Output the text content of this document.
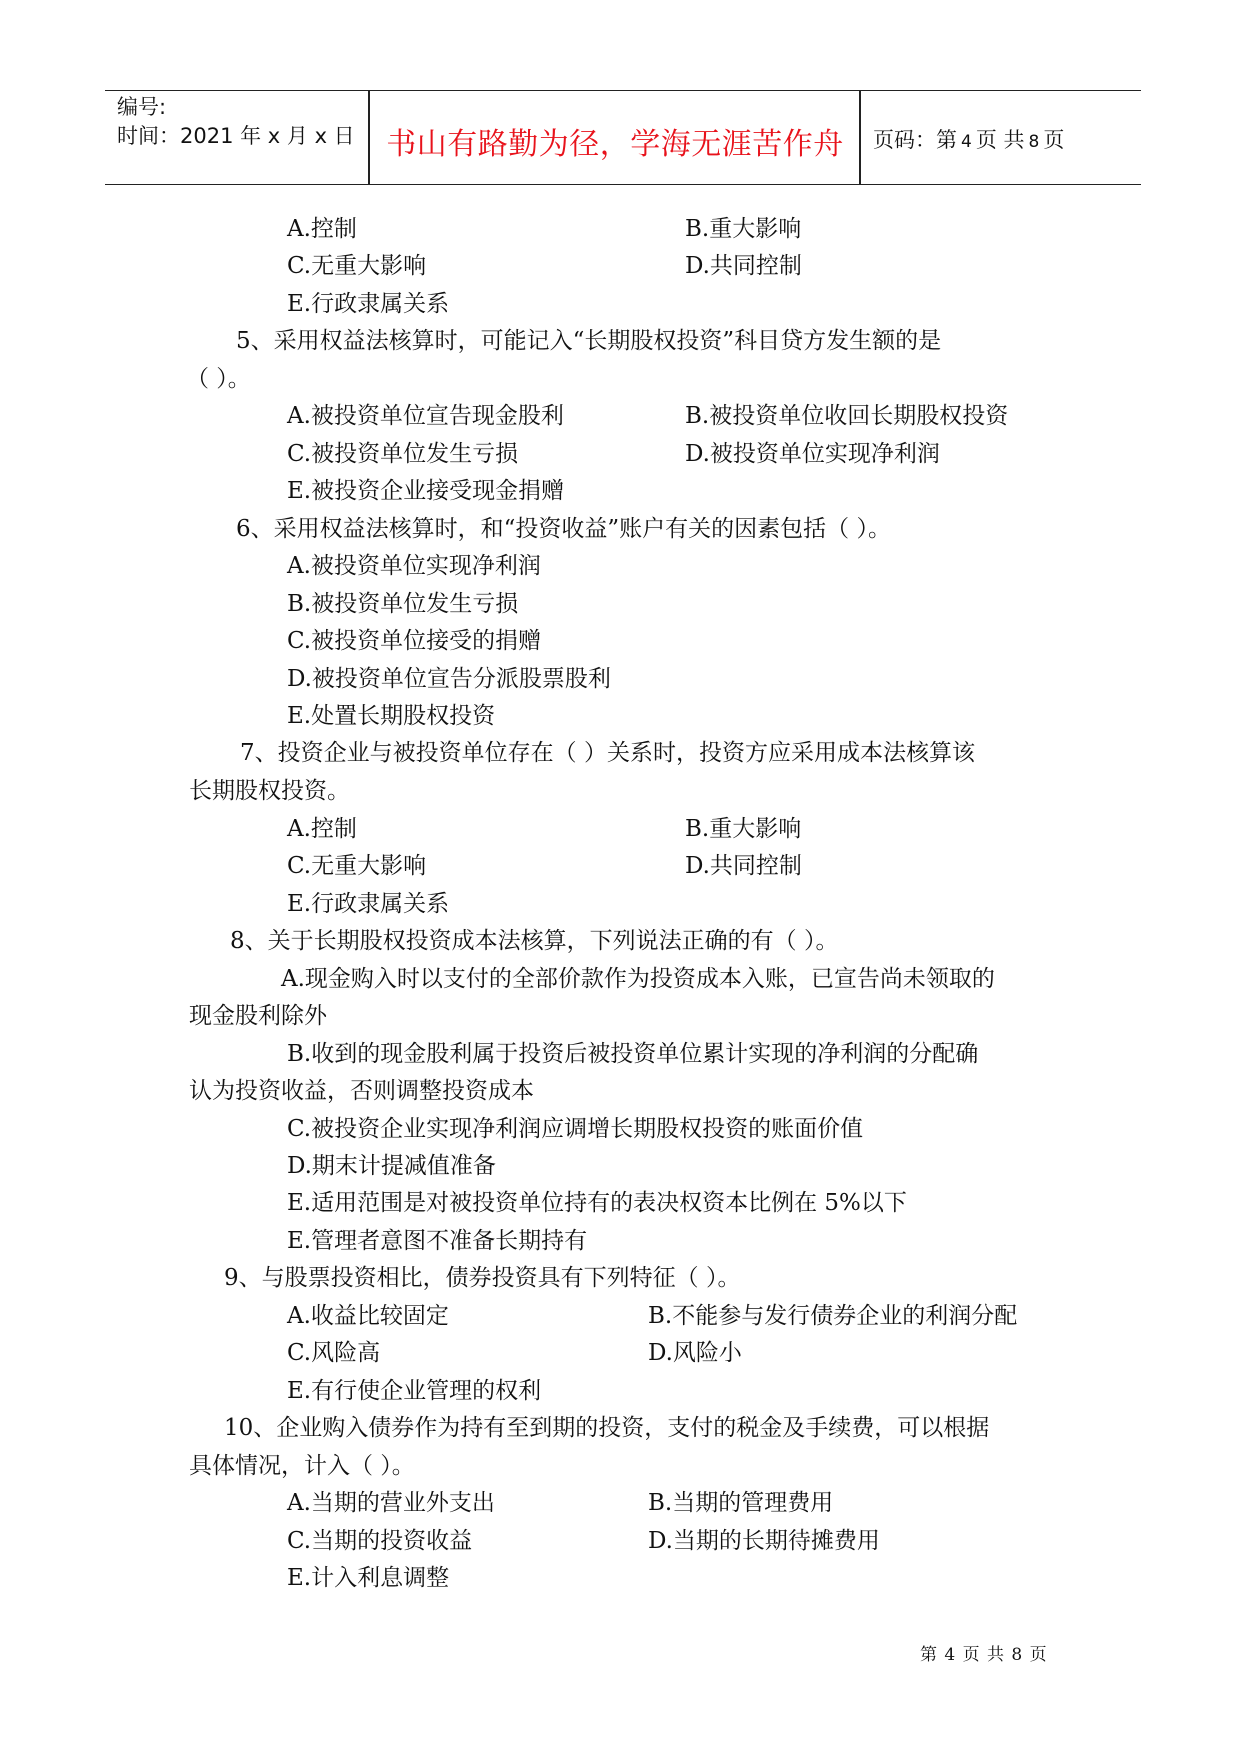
编号:
时间：2021 年 x 月 x 日	书山有路勤为径，学海无涯苦作舟	页码：第 4 页 共 8 页
A.控制	B.重大影响
C.无重大影响	D.共同控制
E.行政隶属关系
5、采用权益法核算时，可能记入“长期股权投资”科目贷方发生额的是
（ ）。
A.被投资单位宣告现金股利	B.被投资单位收回长期股权投资
C.被投资单位发生亏损	D.被投资单位实现净利润
E.被投资企业接受现金捐赠
6、采用权益法核算时，和“投资收益”账户有关的因素包括（ ）。
A.被投资单位实现净利润
B.被投资单位发生亏损
C.被投资单位接受的捐赠
D.被投资单位宣告分派股票股利
E.处置长期股权投资
7、投资企业与被投资单位存在（ ）关系时，投资方应采用成本法核算该
长期股权投资。
A.控制	B.重大影响
C.无重大影响	D.共同控制
E.行政隶属关系
8、关于长期股权投资成本法核算，下列说法正确的有（ ）。
A.现金购入时以支付的全部价款作为投资成本入账，已宣告尚未领取的
现金股利除外
B.收到的现金股利属于投资后被投资单位累计实现的净利润的分配确
认为投资收益，否则调整投资成本
C.被投资企业实现净利润应调增长期股权投资的账面价值
D.期末计提减值准备
E.适用范围是对被投资单位持有的表决权资本比例在 5%以下
E.管理者意图不准备长期持有
9、与股票投资相比，债券投资具有下列特征（ ）。
A.收益比较固定	B.不能参与发行债券企业的利润分配
C.风险高	D.风险小
E.有行使企业管理的权利
10、企业购入债券作为持有至到期的投资，支付的税金及手续费，可以根据
具体情况，计入（ ）。
A.当期的营业外支出	B.当期的管理费用
C.当期的投资收益	D.当期的长期待摊费用
E.计入利息调整
第 4 页 共 8 页
